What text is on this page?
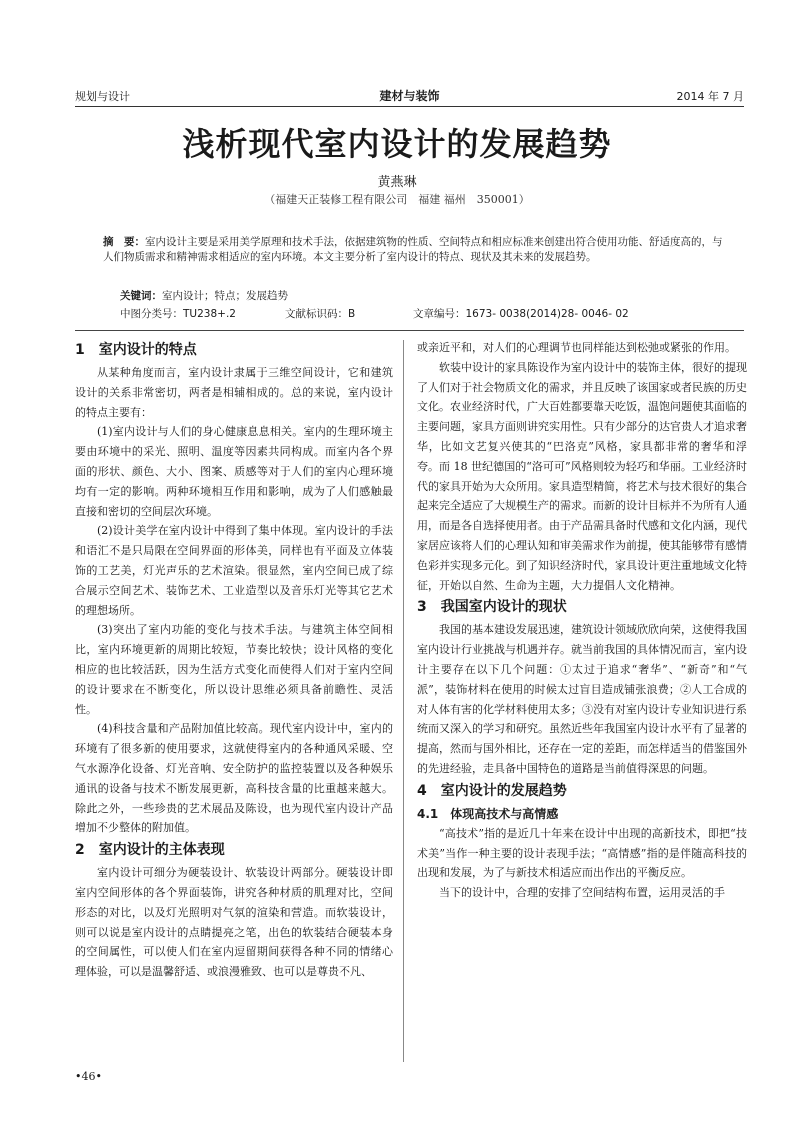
规划与设计	建材与装饰	2014 年 7 月
浅析现代室内设计的发展趋势
黄燕琳
（福建天正装修工程有限公司　福建 福州　350001）
摘　要：室内设计主要是采用美学原理和技术手法，依据建筑物的性质、空间特点和相应标准来创建出符合使用功能、舒适度高的，与人们物质需求和精神需求相适应的室内环境。本文主要分析了室内设计的特点、现状及其未来的发展趋势。
关键词：室内设计；特点；发展趋势
中图分类号：TU238+.2	文献标识码：B	文章编号：1673- 0038(2014)28- 0046- 02
1　室内设计的特点

从某种角度而言，室内设计隶属于三维空间设计，它和建筑设计的关系非常密切，两者是相辅相成的。总的来说，室内设计的特点主要有：

(1)室内设计与人们的身心健康息息相关。室内的生理环境主要由环境中的采光、照明、温度等因素共同构成。而室内各个界面的形状、颜色、大小、图案、质感等对于人们的室内心理环境均有一定的影响。两种环境相互作用和影响，成为了人们感触最直接和密切的空间层次环境。

(2)设计美学在室内设计中得到了集中体现。室内设计的手法和语汇不是只局限在空间界面的形体美，同样也有平面及立体装饰的工艺美，灯光声乐的艺术渲染。很显然，室内空间已成了综合展示空间艺术、装饰艺术、工业造型以及音乐灯光等其它艺术的理想场所。

(3)突出了室内功能的变化与技术手法。与建筑主体空间相比，室内环境更新的周期比较短，节奏比较快；设计风格的变化相应的也比较活跃，因为生活方式变化而使得人们对于室内空间的设计要求在不断变化，所以设计思维必须具备前瞻性、灵活性。

(4)科技含量和产品附加值比较高。现代室内设计中，室内的环境有了很多新的使用要求，这就使得室内的各种通风采暖、空气水源净化设备、灯光音响、安全防护的监控装置以及各种娱乐通讯的设备与技术不断发展更新，高科技含量的比重越来越大。除此之外，一些珍贵的艺术展品及陈设，也为现代室内设计产品增加不少整体的附加值。

2　室内设计的主体表现

室内设计可细分为硬装设计、软装设计两部分。硬装设计即室内空间形体的各个界面装饰，讲究各种材质的肌理对比，空间形态的对比，以及灯光照明对气氛的渲染和营造。而软装设计，则可以说是室内设计的点睛提亮之笔，出色的软装结合硬装本身的空间属性，可以使人们在室内逗留期间获得各种不同的情绪心理体验，可以是温馨舒适、或浪漫雅致、也可以是尊贵不凡、

或亲近平和，对人们的心理调节也同样能达到松弛或紧张的作用。

软装中设计的家具陈设作为室内设计中的装饰主体，很好的提现了人们对于社会物质文化的需求，并且反映了该国家或者民族的历史文化。农业经济时代，广大百姓都要靠天吃饭，温饱问题使其面临的主要问题，家具方面则讲究实用性。只有少部分的达官贵人才追求奢华，比如文艺复兴使其的“巴洛克”风格，家具都非常的奢华和浮夸。而 18 世纪德国的“洛可可”风格则较为轻巧和华丽。工业经济时代的家具开始为大众所用。家具造型精简，将艺术与技术很好的集合起来完全适应了大规模生产的需求。而新的设计目标并不为所有人通用，而是各自选择使用者。由于产品需具备时代感和文化内涵，现代家居应该将人们的心理认知和审美需求作为前提，使其能够带有感情色彩并实现多元化。到了知识经济时代，家具设计更注重地域文化特征，开始以自然、生命为主题，大力提倡人文化精神。

3　我国室内设计的现状

我国的基本建设发展迅速，建筑设计领域欣欣向荣，这使得我国室内设计行业挑战与机遇并存。就当前我国的具体情况而言，室内设计主要存在以下几个问题：①太过于追求“奢华”、“新奇”和“气派”，装饰材料在使用的时候太过盲目造成铺张浪费；②人工合成的对人体有害的化学材料使用太多；③没有对室内设计专业知识进行系统而又深入的学习和研究。虽然近些年我国室内设计水平有了显著的提高，然而与国外相比，还存在一定的差距，而怎样适当的借鉴国外的先进经验，走具备中国特色的道路是当前值得深思的问题。

4　室内设计的发展趋势
4.1　体现高技术与高情感

“高技术”指的是近几十年来在设计中出现的高新技术，即把“技术美”当作一种主要的设计表现手法；“高情感”指的是伴随高科技的出现和发展，为了与新技术相适应而出作出的平衡反应。

当下的设计中，合理的安排了空间结构布置，运用灵活的手

•46•
